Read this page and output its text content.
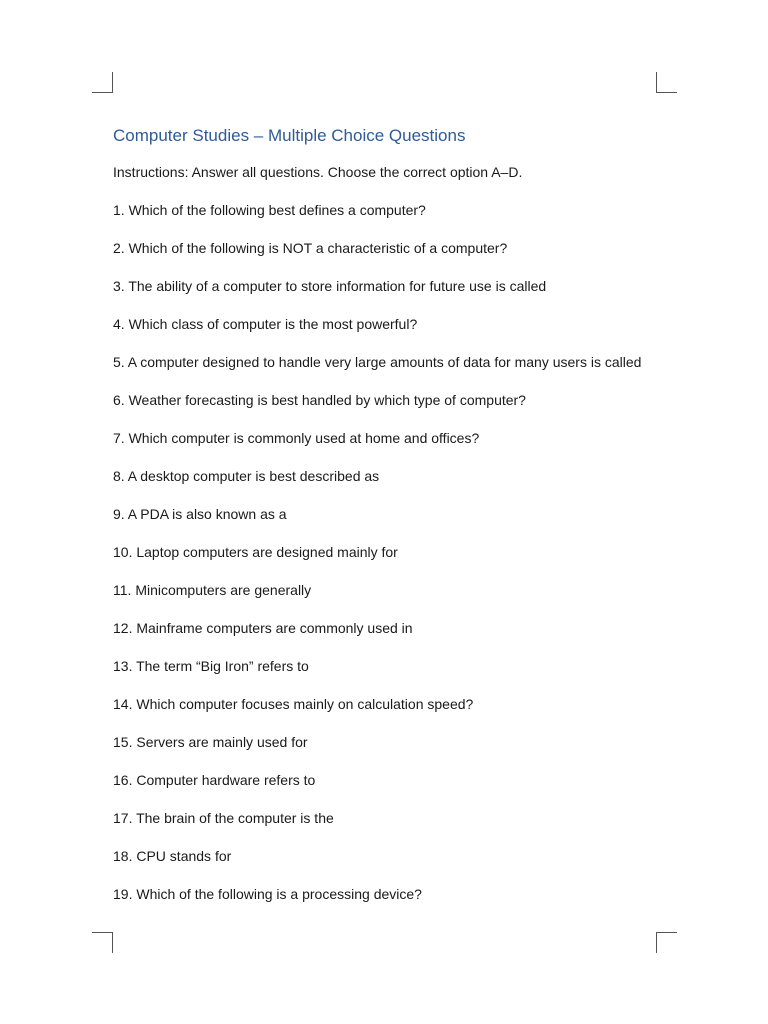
Computer Studies – Multiple Choice Questions

Instructions: Answer all questions. Choose the correct option A–D.

1. Which of the following best defines a computer?
2. Which of the following is NOT a characteristic of a computer?
3. The ability of a computer to store information for future use is called
4. Which class of computer is the most powerful?
5. A computer designed to handle very large amounts of data for many users is called
6. Weather forecasting is best handled by which type of computer?
7. Which computer is commonly used at home and offices?
8. A desktop computer is best described as
9. A PDA is also known as a
10. Laptop computers are designed mainly for
11. Minicomputers are generally
12. Mainframe computers are commonly used in
13. The term “Big Iron” refers to
14. Which computer focuses mainly on calculation speed?
15. Servers are mainly used for
16. Computer hardware refers to
17. The brain of the computer is the
18. CPU stands for
19. Which of the following is a processing device?
